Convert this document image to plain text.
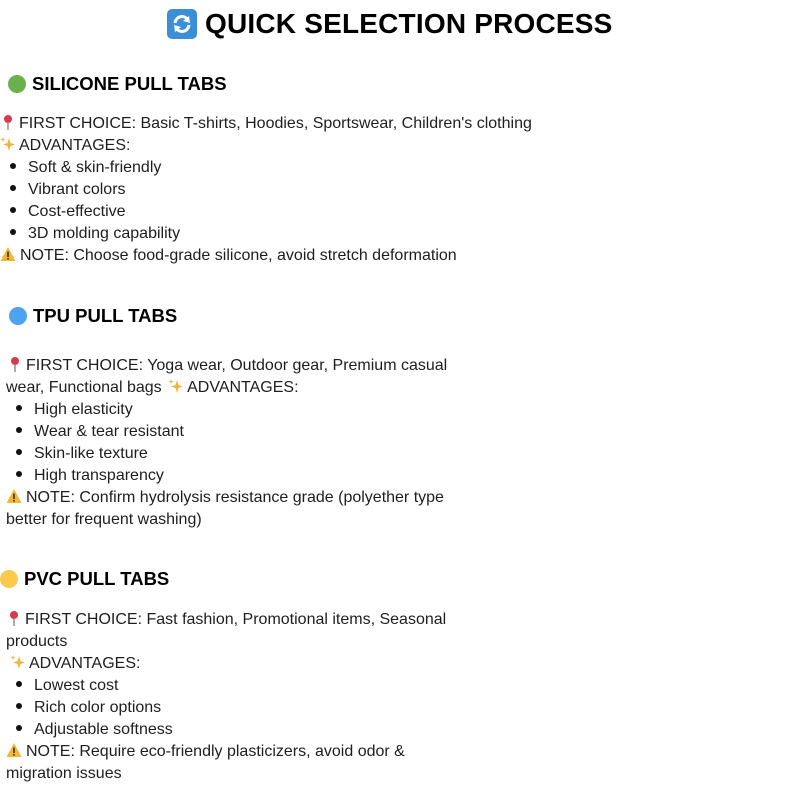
QUICK SELECTION PROCESS
SILICONE PULL TABS
FIRST CHOICE: Basic T-shirts, Hoodies, Sportswear, Children's clothing
ADVANTAGES:
Soft & skin-friendly
Vibrant colors
Cost-effective
3D molding capability
NOTE: Choose food-grade silicone, avoid stretch deformation
TPU PULL TABS
FIRST CHOICE: Yoga wear, Outdoor gear, Premium casual
wear, Functional bags ADVANTAGES:
High elasticity
Wear & tear resistant
Skin-like texture
High transparency
NOTE: Confirm hydrolysis resistance grade (polyether type
better for frequent washing)
PVC PULL TABS
FIRST CHOICE: Fast fashion, Promotional items, Seasonal
products
ADVANTAGES:
Lowest cost
Rich color options
Adjustable softness
NOTE: Require eco-friendly plasticizers, avoid odor &
migration issues
